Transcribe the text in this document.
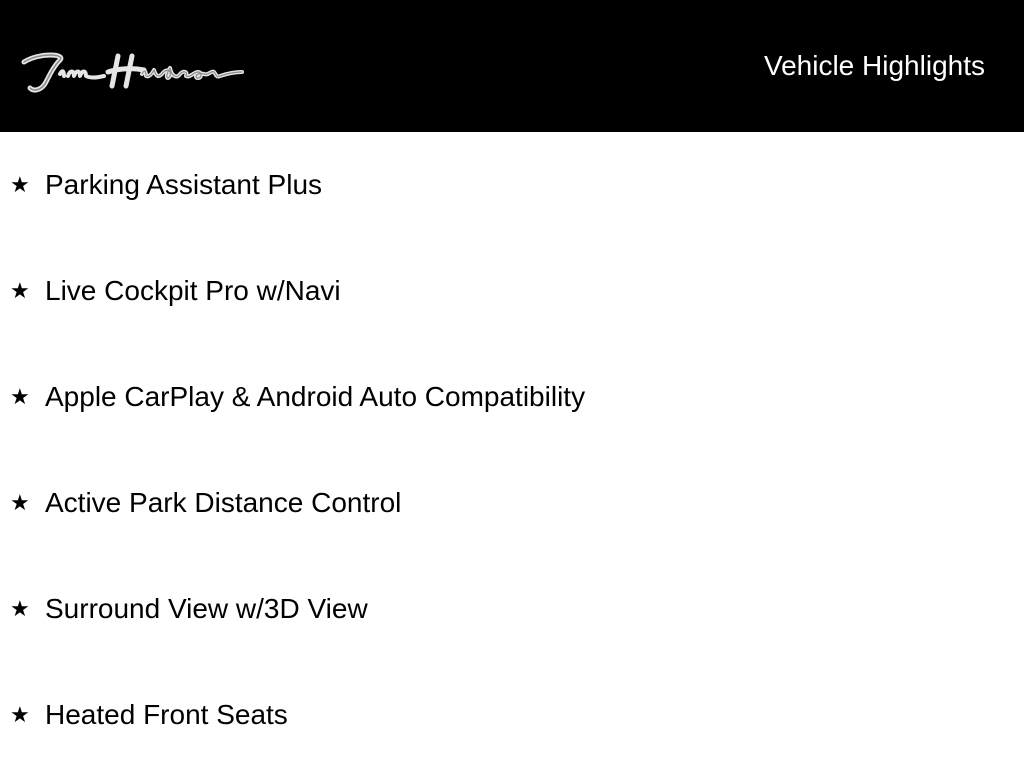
Vehicle Highlights
★ Parking Assistant Plus
★ Live Cockpit Pro w/Navi
★ Apple CarPlay & Android Auto Compatibility
★ Active Park Distance Control
★ Surround View w/3D View
★ Heated Front Seats
